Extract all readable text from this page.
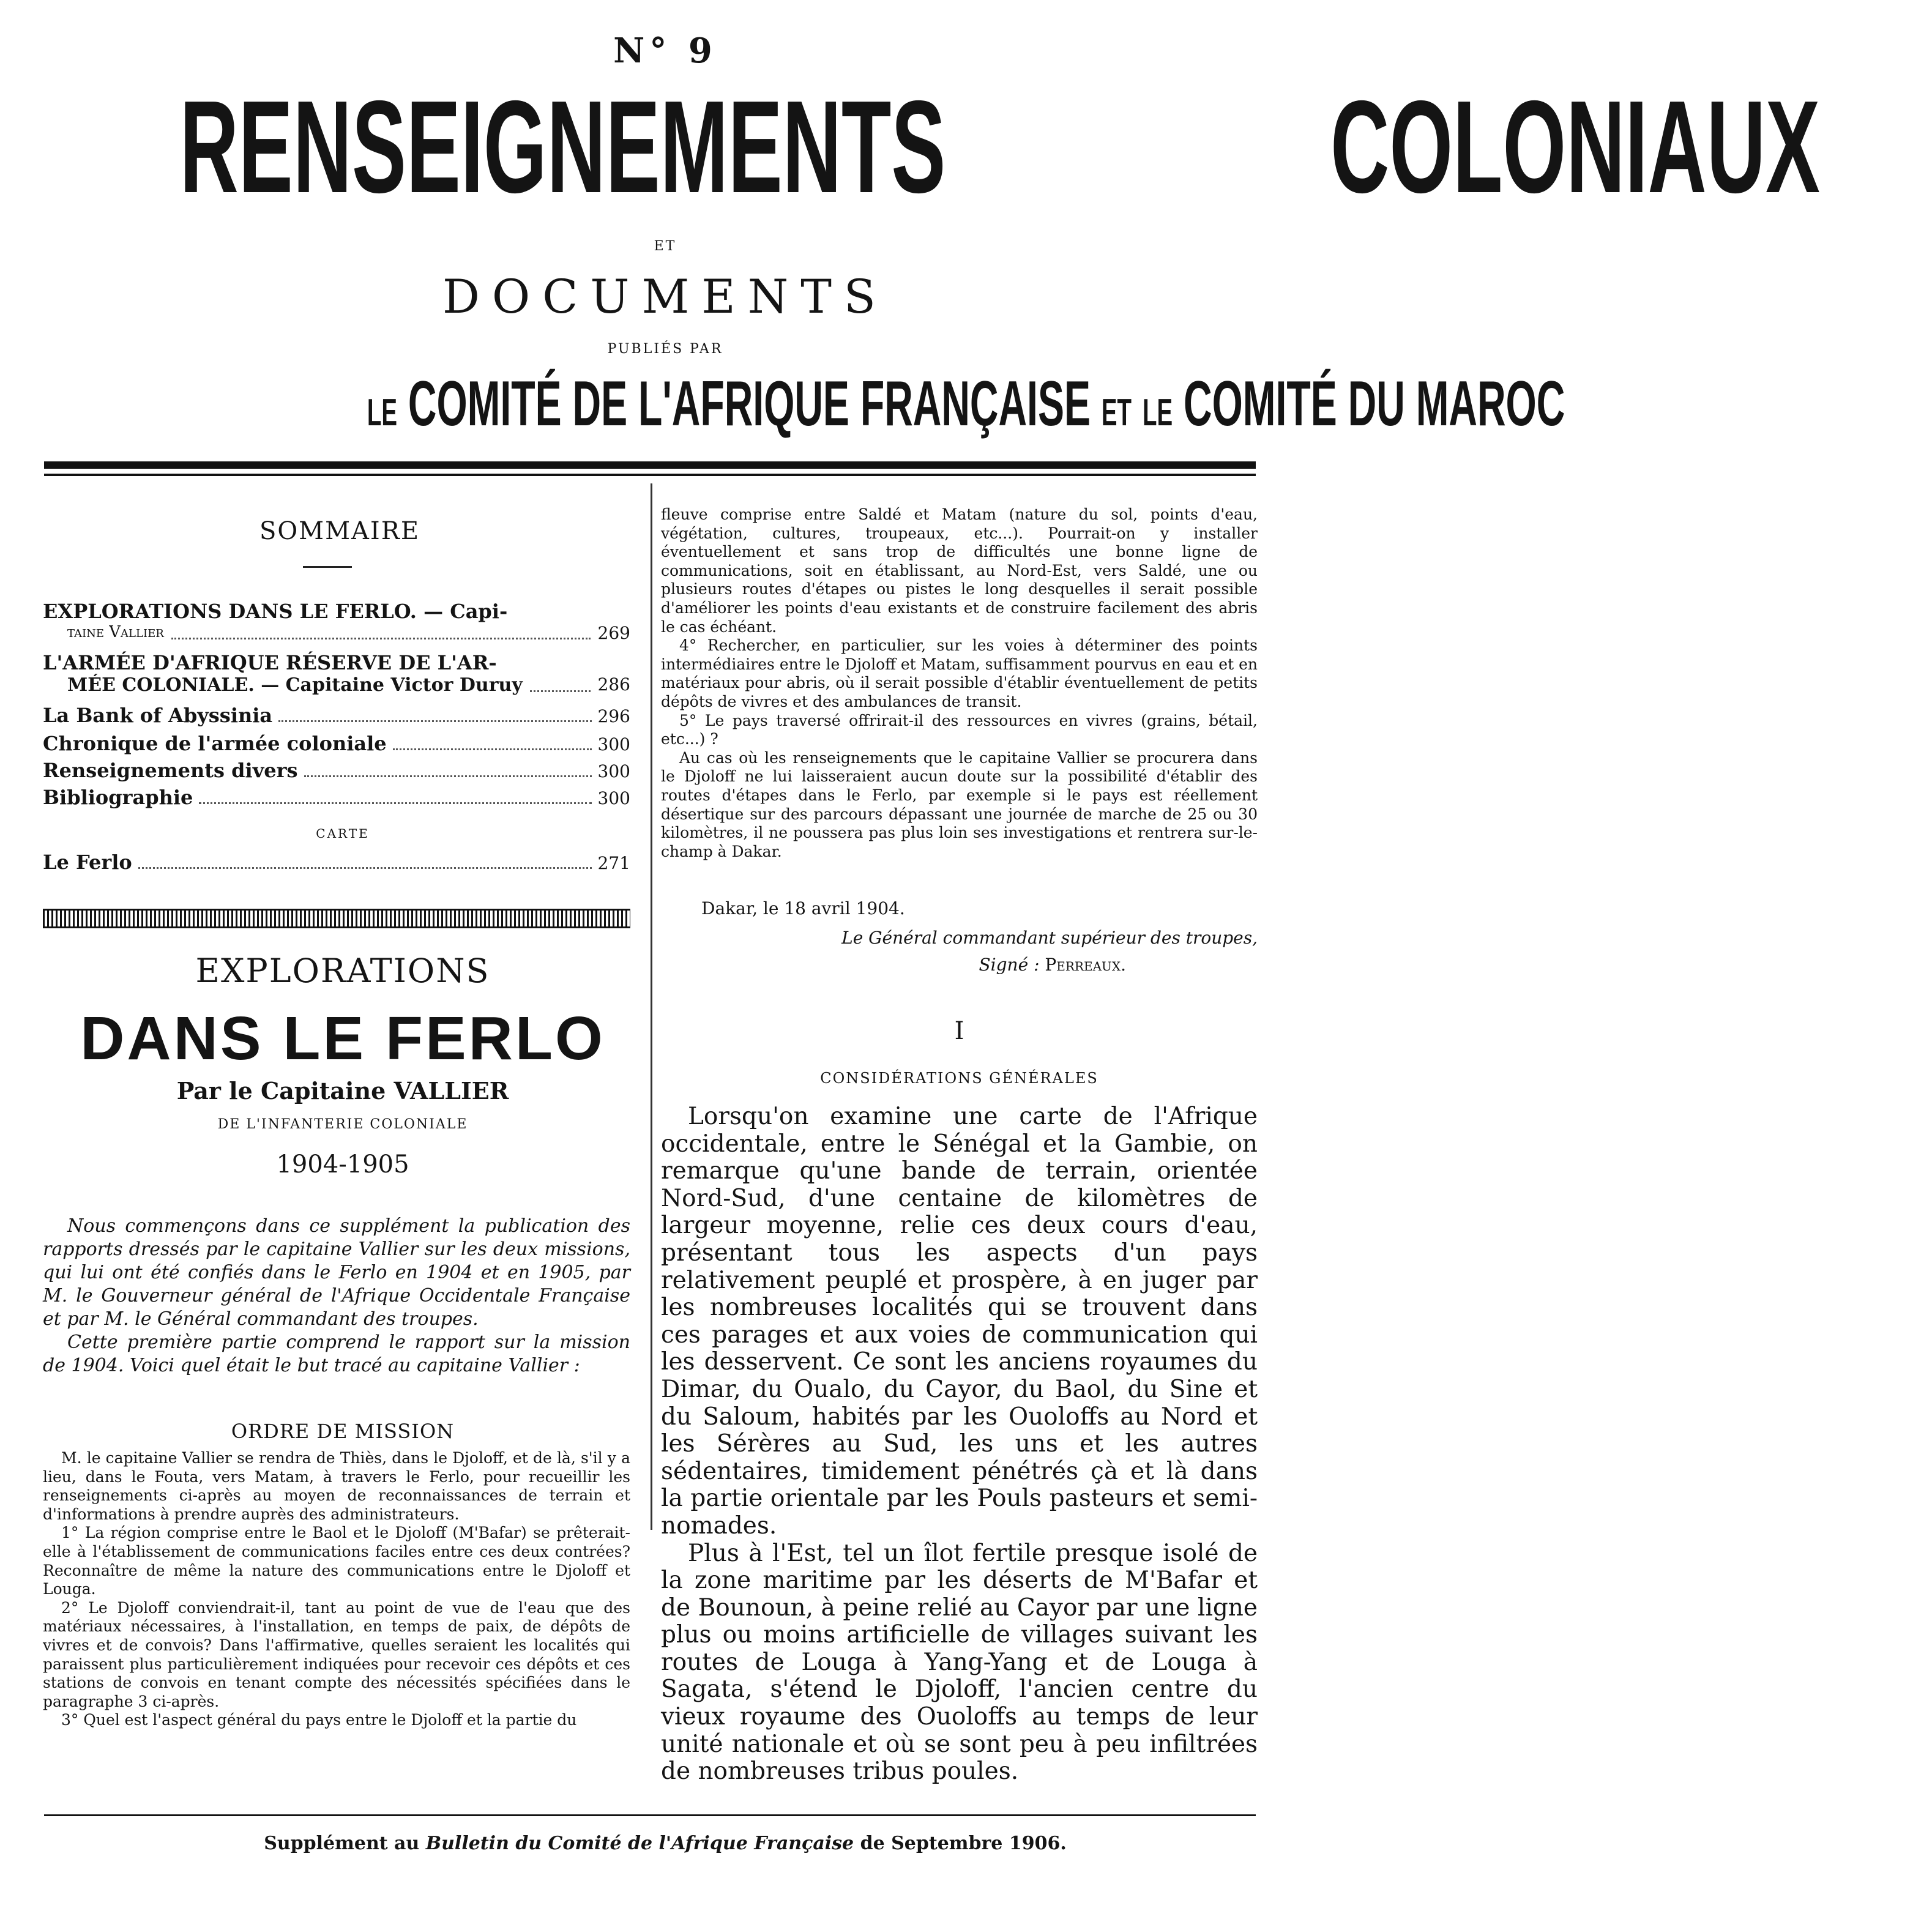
N° 9
RENSEIGNEMENTS	COLONIAUX
ET
DOCUMENTS
PUBLIÉS PAR
LE COMITÉ DE L'AFRIQUE FRANÇAISE ET LE COMITÉ DU MAROC
SOMMAIRE
EXPLORATIONS DANS LE FERLO. — Capi-
taine Vallier	269
L'ARMÉE D'AFRIQUE RÉSERVE DE L'AR-
MÉE COLONIALE. — Capitaine Victor Duruy	286
La Bank of Abyssinia	296
Chronique de l'armée coloniale	300
Renseignements divers	300
Bibliographie	300
CARTE
Le Ferlo	271
EXPLORATIONS
DANS LE FERLO
Par le Capitaine VALLIER
DE L'INFANTERIE COLONIALE
1904-1905

Nous commençons dans ce supplément la publication des rapports dressés par le capitaine Vallier sur les deux missions, qui lui ont été confiés dans le Ferlo en 1904 et en 1905, par M. le Gouverneur général de l'Afrique Occidentale Française et par M. le Général commandant des troupes.

Cette première partie comprend le rapport sur la mission de 1904. Voici quel était le but tracé au capitaine Vallier :

ORDRE DE MISSION

M. le capitaine Vallier se rendra de Thiès, dans le Djoloff, et de là, s'il y a lieu, dans le Fouta, vers Matam, à travers le Ferlo, pour recueillir les renseignements ci-après au moyen de reconnaissances de terrain et d'informations à prendre auprès des administrateurs.

1° La région comprise entre le Baol et le Djoloff (M'Bafar) se prêterait-elle à l'établissement de communications faciles entre ces deux contrées? Reconnaître de même la nature des communications entre le Djoloff et Louga.

2° Le Djoloff conviendrait-il, tant au point de vue de l'eau que des matériaux nécessaires, à l'installation, en temps de paix, de dépôts de vivres et de convois? Dans l'affirmative, quelles seraient les localités qui paraissent plus particulièrement indiquées pour recevoir ces dépôts et ces stations de convois en tenant compte des nécessités spécifiées dans le paragraphe 3 ci-après.

3° Quel est l'aspect général du pays entre le Djoloff et la partie du

fleuve comprise entre Saldé et Matam (nature du sol, points d'eau, végétation, cultures, troupeaux, etc...). Pourrait-on y installer éventuellement et sans trop de difficultés une bonne ligne de communications, soit en établissant, au Nord-Est, vers Saldé, une ou plusieurs routes d'étapes ou pistes le long desquelles il serait possible d'améliorer les points d'eau existants et de construire facilement des abris le cas échéant.

4° Rechercher, en particulier, sur les voies à déterminer des points intermédiaires entre le Djoloff et Matam, suffisamment pourvus en eau et en matériaux pour abris, où il serait possible d'établir éventuellement de petits dépôts de vivres et des ambulances de transit.

5° Le pays traversé offrirait-il des ressources en vivres (grains, bétail, etc...) ?

Au cas où les renseignements que le capitaine Vallier se procurera dans le Djoloff ne lui laisseraient aucun doute sur la possibilité d'établir des routes d'étapes dans le Ferlo, par exemple si le pays est réellement désertique sur des parcours dépassant une journée de marche de 25 ou 30 kilomètres, il ne poussera pas plus loin ses investigations et rentrera sur-le-champ à Dakar.

Dakar, le 18 avril 1904.
Le Général commandant supérieur des troupes,
Signé : Perreaux.
I
CONSIDÉRATIONS GÉNÉRALES

Lorsqu'on examine une carte de l'Afrique occidentale, entre le Sénégal et la Gambie, on remarque qu'une bande de terrain, orientée Nord-Sud, d'une centaine de kilomètres de largeur moyenne, relie ces deux cours d'eau, présentant tous les aspects d'un pays relativement peuplé et prospère, à en juger par les nombreuses localités qui se trouvent dans ces parages et aux voies de communication qui les desservent. Ce sont les anciens royaumes du Dimar, du Oualo, du Cayor, du Baol, du Sine et du Saloum, habités par les Ouoloffs au Nord et les Sérères au Sud, les uns et les autres sédentaires, timidement pénétrés çà et là dans la partie orientale par les Pouls pasteurs et semi-nomades.

Plus à l'Est, tel un îlot fertile presque isolé de la zone maritime par les déserts de M'Bafar et de Bounoun, à peine relié au Cayor par une ligne plus ou moins artificielle de villages suivant les routes de Louga à Yang-Yang et de Louga à Sagata, s'étend le Djoloff, l'ancien centre du vieux royaume des Ouoloffs au temps de leur unité nationale et où se sont peu à peu infiltrées de nombreuses tribus poules.

Supplément au Bulletin du Comité de l'Afrique Française de Septembre 1906.
